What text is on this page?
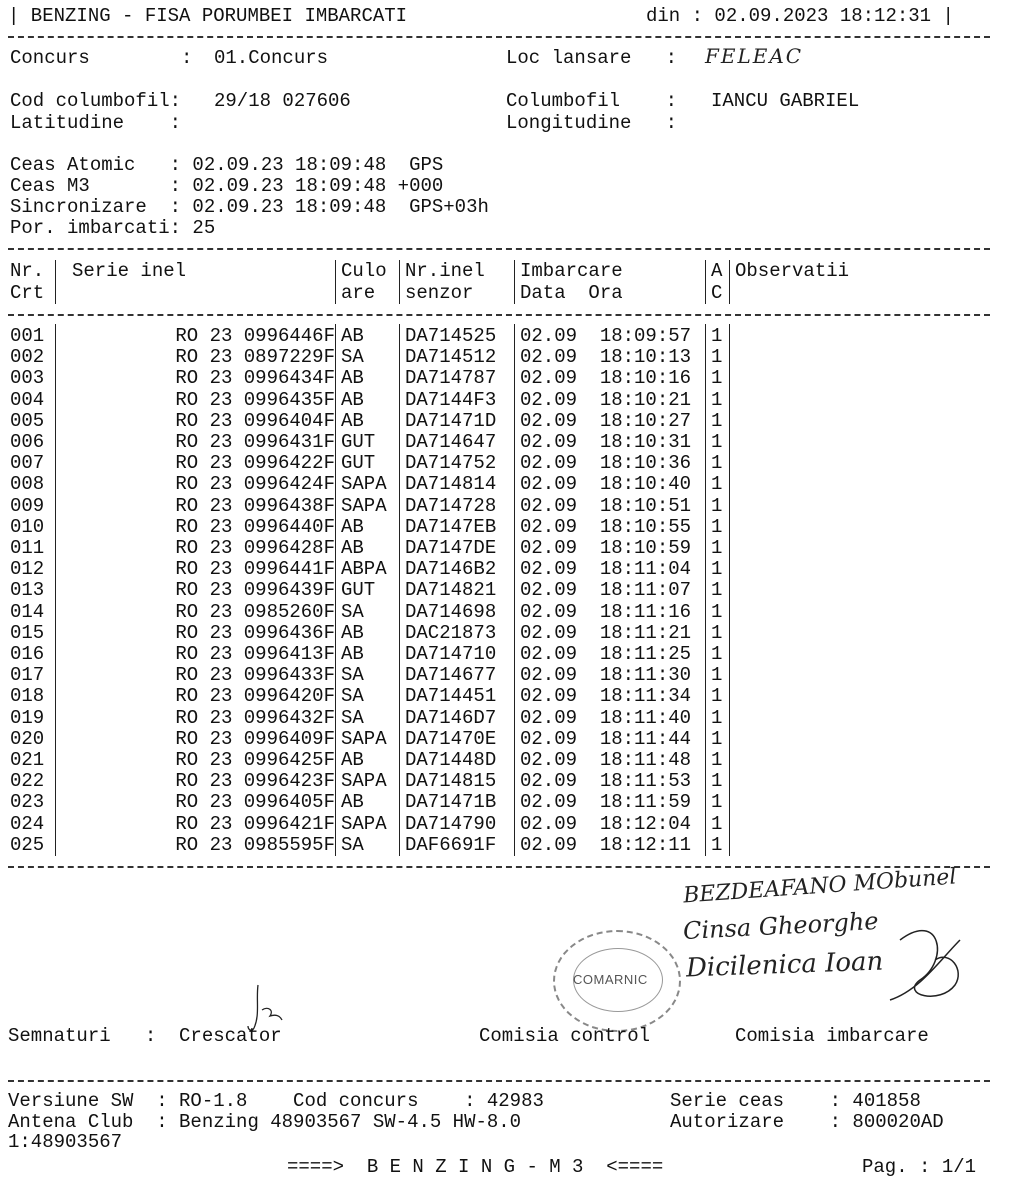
| BENZING - FISA PORUMBEI IMBARCATI	din : 02.09.2023 18:12:31 |
Concurs        : 01.Concurs	Loc lansare   : FELEAC
Cod columbofil: 29/18 027606	Columbofil    : IANCU GABRIEL
Latitudine    :	Longitudine   :
Ceas Atomic   : 02.09.23 18:09:48  GPS
Ceas M3       : 02.09.23 18:09:48 +000
Sincronizare  : 02.09.23 18:09:48  GPS+03h
Por. imbarcati: 25
Nr. Serie inel	Culo Nr.inel Imbarcare	A Observatii
Crt	are senzor Data  Ora	C
001	RO 23 0996446F AB DA714525 02.09  18:09:57 1
002	RO 23 0897229F SA DA714512 02.09  18:10:13 1
003	RO 23 0996434F AB DA714787 02.09  18:10:16 1
004	RO 23 0996435F AB DA7144F3 02.09  18:10:21 1
005	RO 23 0996404F AB DA71471D 02.09  18:10:27 1
006	RO 23 0996431F GUT DA714647 02.09  18:10:31 1
007	RO 23 0996422F GUT DA714752 02.09  18:10:36 1
008	RO 23 0996424F SAPA DA714814 02.09  18:10:40 1
009	RO 23 0996438F SAPA DA714728 02.09  18:10:51 1
010	RO 23 0996440F AB DA7147EB 02.09  18:10:55 1
011	RO 23 0996428F AB DA7147DE 02.09  18:10:59 1
012	RO 23 0996441F ABPA DA7146B2 02.09  18:11:04 1
013	RO 23 0996439F GUT DA714821 02.09  18:11:07 1
014	RO 23 0985260F SA DA714698 02.09  18:11:16 1
015	RO 23 0996436F AB DAC21873 02.09  18:11:21 1
016	RO 23 0996413F AB DA714710 02.09  18:11:25 1
017	RO 23 0996433F SA DA714677 02.09  18:11:30 1
018	RO 23 0996420F SA DA714451 02.09  18:11:34 1
019	RO 23 0996432F SA DA7146D7 02.09  18:11:40 1
020	RO 23 0996409F SAPA DA71470E 02.09  18:11:44 1
021	RO 23 0996425F AB DA71448D 02.09  18:11:48 1
022	RO 23 0996423F SAPA DA714815 02.09  18:11:53 1
023	RO 23 0996405F AB DA71471B 02.09  18:11:59 1
024	RO 23 0996421F SAPA DA714790 02.09  18:12:04 1
025	RO 23 0985595F SA DAF6691F 02.09  18:12:11 1
BEZDEAFANO MObunel
Cinsa Gheorghe
Dicilenica Ioan
COMARNIC
Semnaturi   :  Crescator	Comisia control	Comisia imbarcare
Versiune SW  : RO-1.8    Cod concurs    : 42983	Serie ceas    : 401858
Antena Club  : Benzing 48903567 SW-4.5 HW-8.0	Autorizare    : 800020AD
1:48903567
====>  B E N Z I N G - M 3  <====	Pag. : 1/1
